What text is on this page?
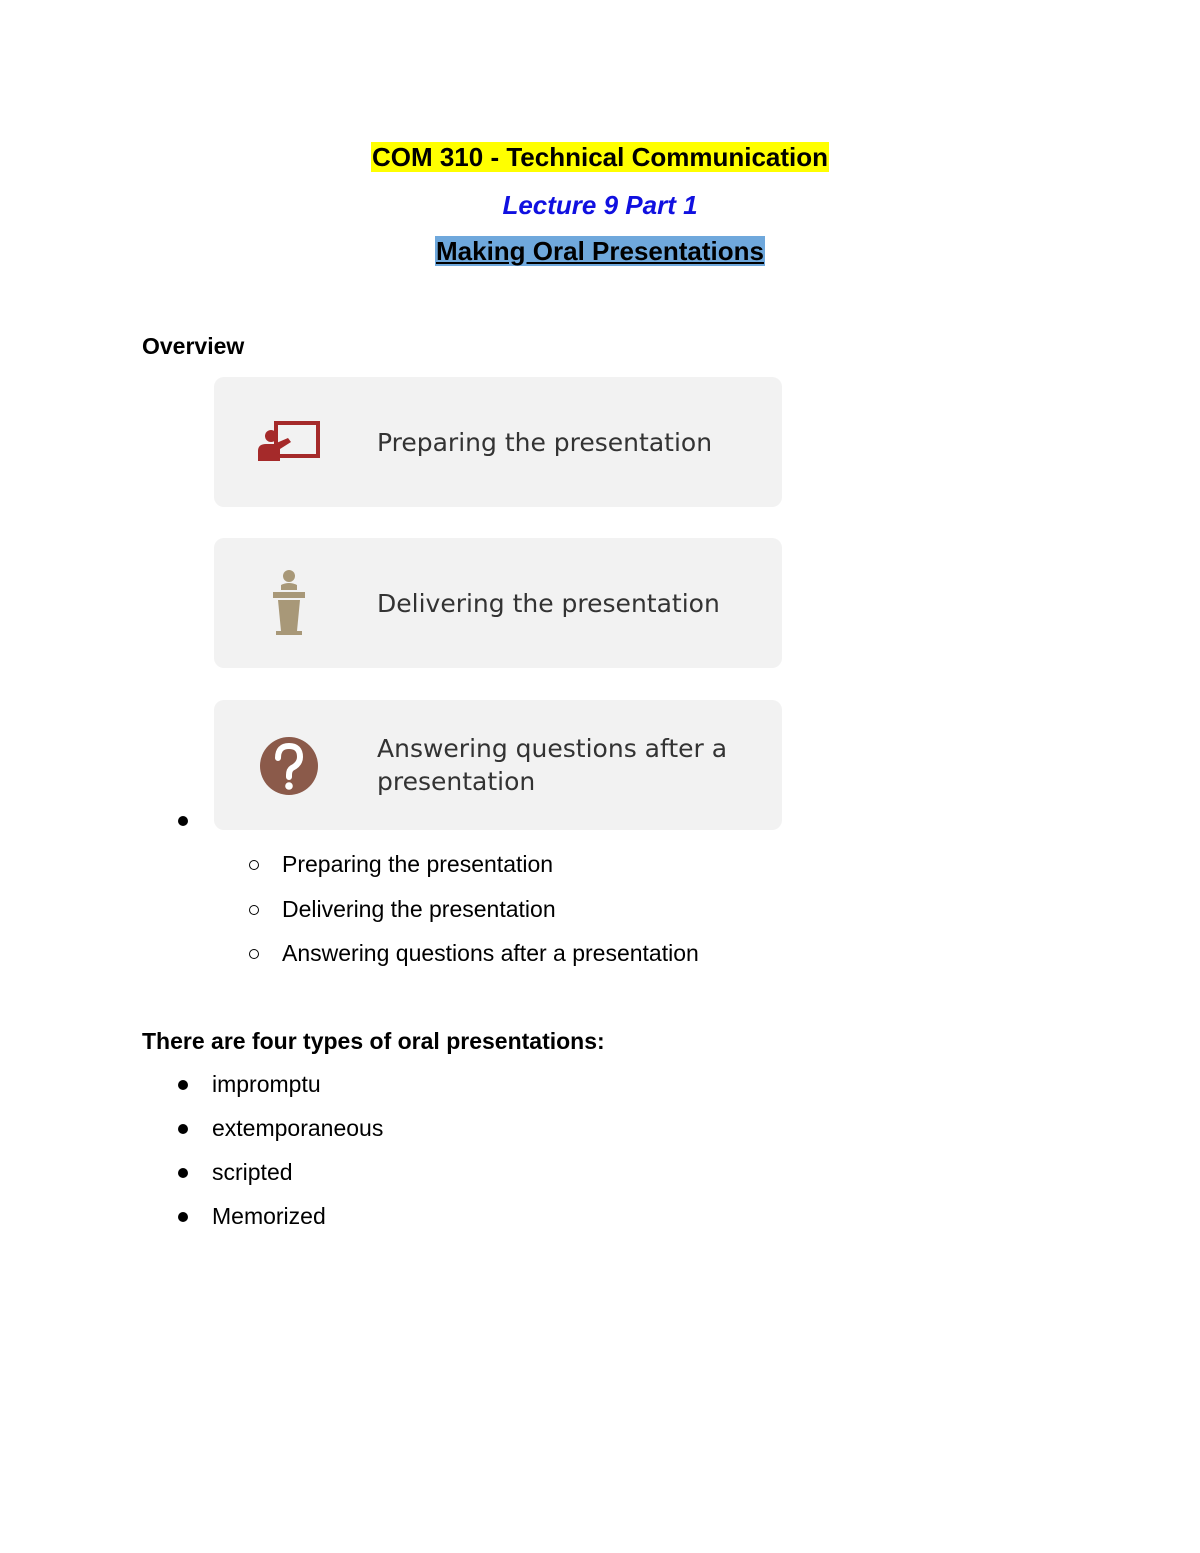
COM 310 - Technical Communication
Lecture 9 Part 1
Making Oral Presentations
Overview
Preparing the presentation
Delivering the presentation
Answering questions after a presentation
Preparing the presentation
Delivering the presentation
Answering questions after a presentation
There are four types of oral presentations:
impromptu
extemporaneous
scripted
Memorized
